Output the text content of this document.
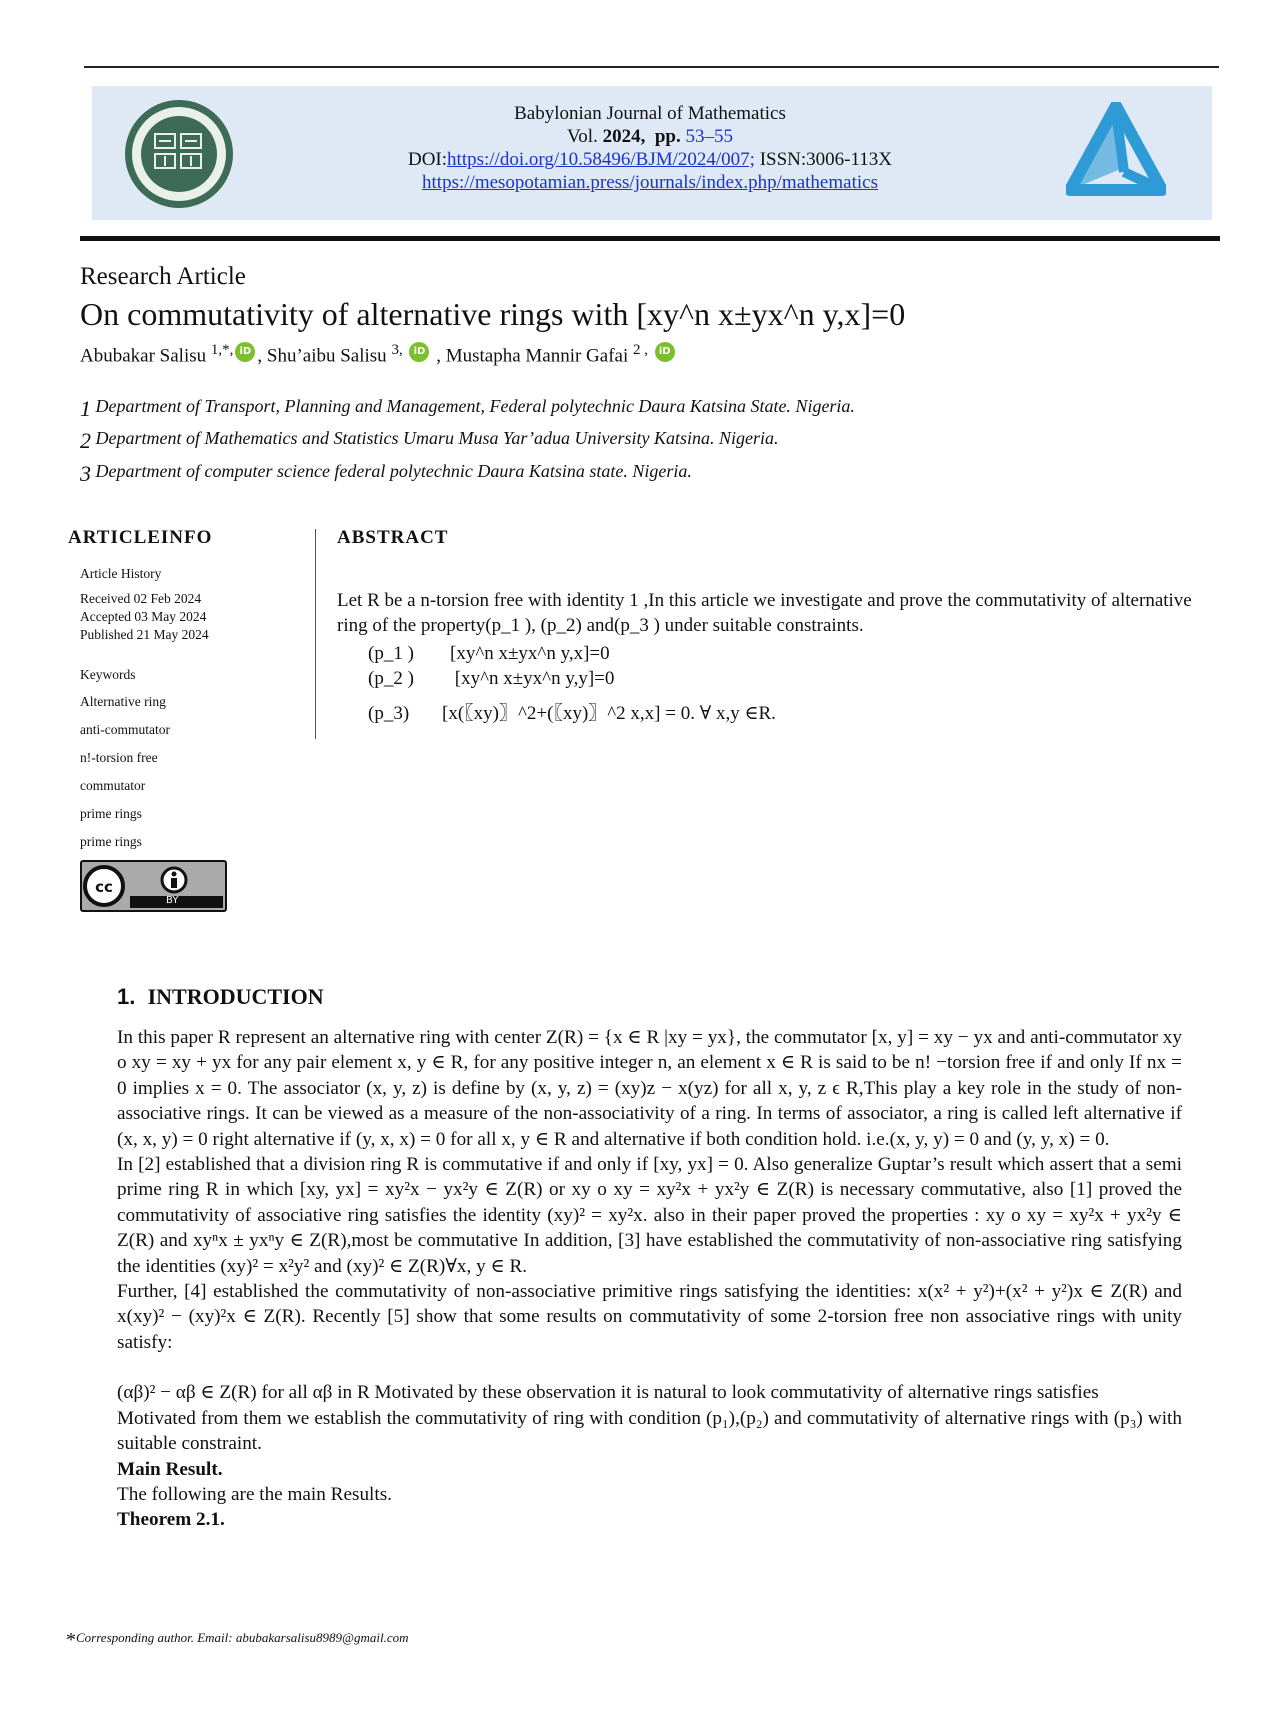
Babylonian Journal of Mathematics
Vol. 2024, pp. 53–55
DOI:https://doi.org/10.58496/BJM/2024/007; ISSN:3006-113X
https://mesopotamian.press/journals/index.php/mathematics
Research Article
On commutativity of alternative rings with [xy^n x±yx^n y,x]=0
Abubakar Salisu $^{1,*,}$ iD , Shu’aibu Salisu $^{3,}$ iD , Mustapha Mannir Gafai $^{2 ,}$ iD
1 Department of Transport, Planning and Management, Federal polytechnic Daura Katsina State. Nigeria.
2 Department of Mathematics and Statistics Umaru Musa Yar’adua University Katsina. Nigeria.
3 Department of computer science federal polytechnic Daura Katsina state. Nigeria.
ARTICLEINFO	ABSTRACT
Article History
Received 02 Feb 2024
Accepted 03 May 2024
Published 21 May 2024
Keywords
Alternative ring
anti-commutator
n!-torsion free
commutator
prime rings
prime rings
cc
BY
Let R be a n-torsion free with identity 1 ,In this article we investigate and prove the commutativity of alternative ring of the property(p_1 ), (p_2) and(p_3 ) under suitable constraints.
(p_1 ) [xy^n x±yx^n y,x]=0
(p_2 ) [xy^n x±yx^n y,y]=0
(p_3) [x(〖xy)〗^2+(〖xy)〗^2 x,x] = 0. ∀ x,y ∈R.
1. INTRODUCTION

In this paper R represent an alternative ring with center Z(R) = {x ∈ R |xy = yx}, the commutator [x, y] = xy − yx and anti-commutator xy o xy = xy + yx for any pair element x, y ∈ R, for any positive integer n, an element x ∈ R is said to be n! −torsion free if and only If nx = 0 implies x = 0. The associator (x, y, z) is define by (x, y, z) = (xy)z − x(yz) for all x, y, z ϵ R,This play a key role in the study of non-associative rings. It can be viewed as a measure of the non-associativity of a ring. In terms of associator, a ring is called left alternative if (x, x, y) = 0 right alternative if (y, x, x) = 0 for all x, y ∈ R and alternative if both condition hold. i.e.(x, y, y) = 0 and (y, y, x) = 0.

In [2] established that a division ring R is commutative if and only if [xy, yx] = 0. Also generalize Guptar’s result which assert that a semi prime ring R in which [xy, yx] = xy²x − yx²y ∈ Z(R) or xy o xy = xy²x + yx²y ∈ Z(R) is necessary commutative, also [1] proved the commutativity of associative ring satisfies the identity (xy)² = xy²x. also in their paper proved the properties : xy o xy = xy²x + yx²y ∈ Z(R) and xyⁿx ± yxⁿy ∈ Z(R),most be commutative In addition, [3] have established the commutativity of non-associative ring satisfying the identities (xy)² = x²y² and (xy)² ∈ Z(R)∀x, y ∈ R.

Further, [4] established the commutativity of non-associative primitive rings satisfying the identities: x(x² + y²)+(x² + y²)x ∈ Z(R) and x(xy)² − (xy)²x ∈ Z(R). Recently [5] show that some results on commutativity of some 2-torsion free non associative rings with unity satisfy:

(αβ)² − αβ ∈ Z(R) for all αβ in R Motivated by these observation it is natural to look commutativity of alternative rings satisfies

Motivated from them we establish the commutativity of ring with condition (p₁),(p₂) and commutativity of alternative rings with (p₃) with suitable constraint.

Main Result.

The following are the main Results.

Theorem 2.1.

*Corresponding author. Email: abubakarsalisu8989@gmail.com
